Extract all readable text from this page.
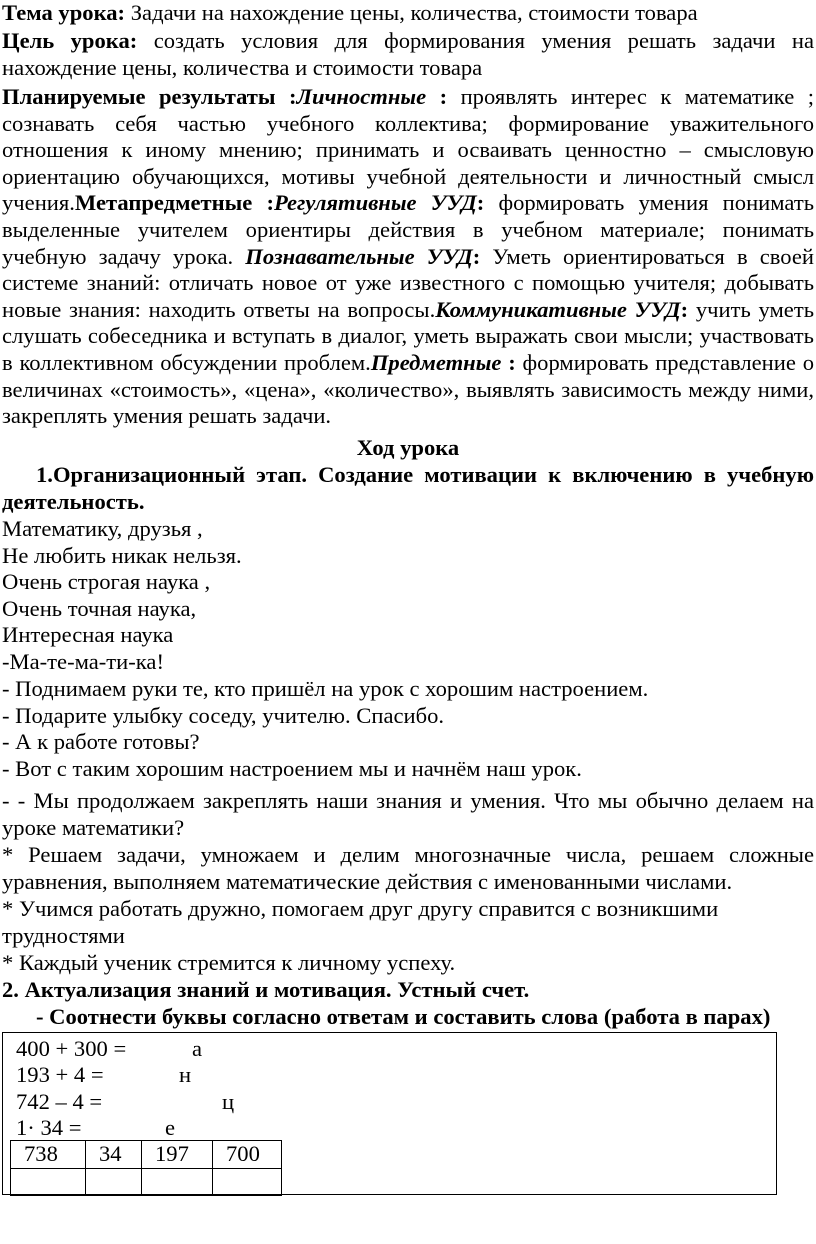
Тема урока: Задачи на нахождение цены, количества, стоимости товара

Цель урока: создать условия для формирования умения решать задачи на нахождение цены, количества и стоимости товара

Планируемые результаты :Личностные : проявлять интерес к математике ; сознавать себя частью учебного коллектива; формирование уважительного отношения к иному мнению; принимать и осваивать ценностно – смысловую ориентацию обучающихся, мотивы учебной деятельности и личностный смысл учения.Метапредметные :Регулятивные УУД: формировать умения понимать выделенные учителем ориентиры действия в учебном материале; понимать учебную задачу урока. Познавательные УУД: Уметь ориентироваться в своей системе знаний: отличать новое от уже известного с помощью учителя; добывать новые знания: находить ответы на вопросы.Коммуникативные УУД: учить уметь слушать собеседника и вступать в диалог, уметь выражать свои мысли; участвовать в коллективном обсуждении проблем.Предметные : формировать представление о величинах «стоимость», «цена», «количество», выявлять зависимость между ними, закреплять умения решать задачи.

Ход урока

1.Организационный этап. Создание мотивации к включению в учебную деятельность.

Математику, друзья ,

Не любить никак нельзя.

Очень строгая наука ,

Очень точная наука,

Интересная наука

-Ма-те-ма-ти-ка!

- Поднимаем руки те, кто пришёл на урок с хорошим настроением.

- Подарите улыбку соседу, учителю. Спасибо.

- А к работе готовы?

- Вот с таким хорошим настроением мы и начнём наш урок.

- - Мы продолжаем закреплять наши знания и умения. Что мы обычно делаем на уроке математики?

* Решаем задачи, умножаем и делим многозначные числа, решаем сложные уравнения, выполняем математические действия с именованными числами.

* Учимся работать дружно, помогаем друг другу справится с возникшими трудностями

* Каждый ученик стремится к личному успеху.

2. Актуализация знаний и мотивация. Устный счет.

- Соотнести буквы согласно ответам и составить слова (работа в парах)

400 + 300 =	а
193 + 4 =	н
742 – 4 =	ц
1· 34 =	е
738	34	197	700
